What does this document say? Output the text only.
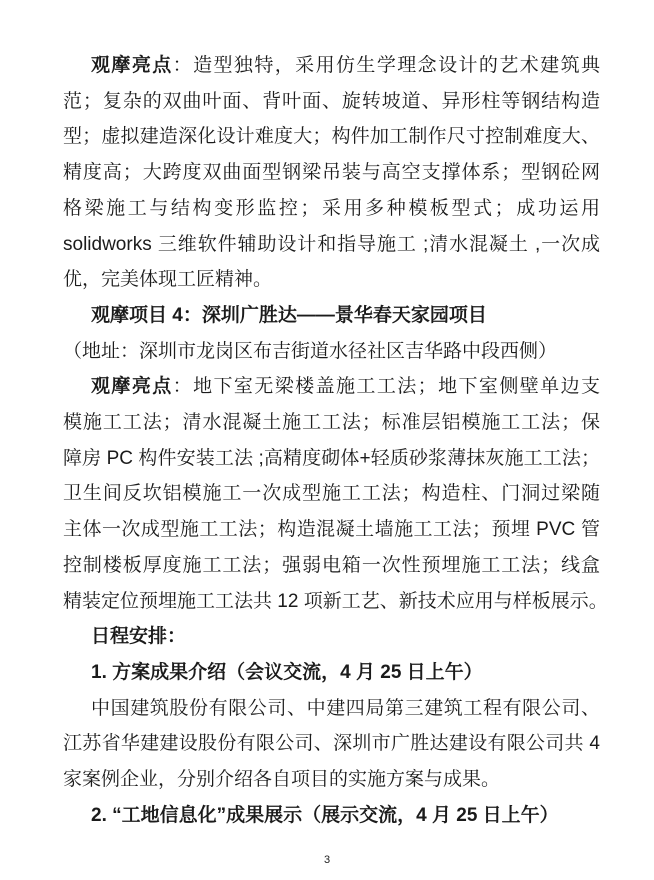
观摩亮点：造型独特，采用仿生学理念设计的艺术建筑典
范；复杂的双曲叶面、背叶面、旋转坡道、异形柱等钢结构造
型；虚拟建造深化设计难度大；构件加工制作尺寸控制难度大、
精度高；大跨度双曲面型钢梁吊装与高空支撑体系；型钢砼网
格梁施工与结构变形监控；采用多种模板型式；成功运用
solidworks 三维软件辅助设计和指导施工 ;清水混凝土 ,一次成
优，完美体现工匠精神。
观摩项目 4：深圳广胜达——景华春天家园项目
（地址：深圳市龙岗区布吉街道水径社区吉华路中段西侧）
观摩亮点：地下室无梁楼盖施工工法；地下室侧壁单边支
模施工工法；清水混凝土施工工法；标准层铝模施工工法；保
障房 PC 构件安装工法 ;高精度砌体+轻质砂浆薄抹灰施工工法；
卫生间反坎铝模施工一次成型施工工法；构造柱、门洞过梁随
主体一次成型施工工法；构造混凝土墙施工工法；预埋 PVC 管
控制楼板厚度施工工法；强弱电箱一次性预埋施工工法；线盒
精装定位预埋施工工法共 12 项新工艺、新技术应用与样板展示。
日程安排：
1. 方案成果介绍（会议交流，4 月 25 日上午）
中国建筑股份有限公司、中建四局第三建筑工程有限公司、
江苏省华建建设股份有限公司、深圳市广胜达建设有限公司共 4
家案例企业，分别介绍各自项目的实施方案与成果。
2. “工地信息化”成果展示（展示交流，4 月 25 日上午）
3
